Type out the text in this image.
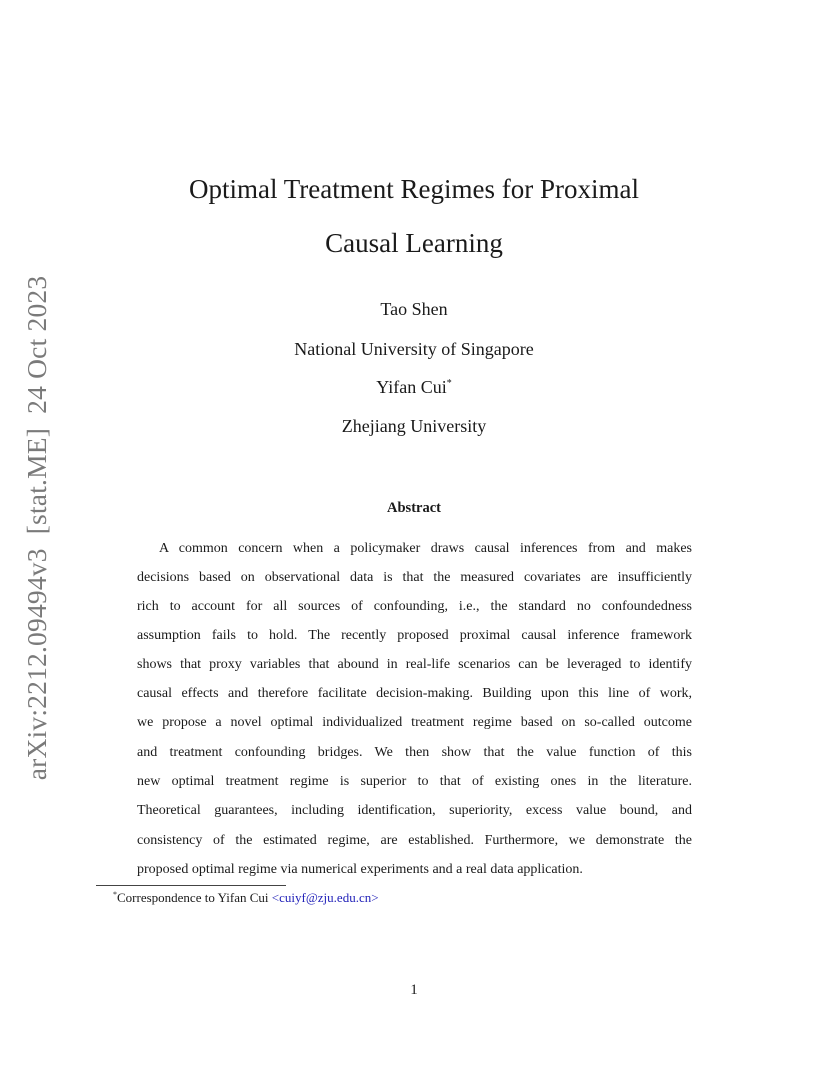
arXiv:2212.09494v3[stat.ME]24 Oct 2023
Optimal Treatment Regimes for Proximal
Causal Learning
Tao Shen
National University of Singapore
Yifan Cui*
Zhejiang University
Abstract
A common concern when a policymaker draws causal inferences from and makes
decisions based on observational data is that the measured covariates are insufficiently
rich to account for all sources of confounding, i.e., the standard no confoundedness
assumption fails to hold. The recently proposed proximal causal inference framework
shows that proxy variables that abound in real-life scenarios can be leveraged to identify
causal effects and therefore facilitate decision-making. Building upon this line of work,
we propose a novel optimal individualized treatment regime based on so-called outcome
and treatment confounding bridges. We then show that the value function of this
new optimal treatment regime is superior to that of existing ones in the literature.
Theoretical guarantees, including identification, superiority, excess value bound, and
consistency of the estimated regime, are established. Furthermore, we demonstrate the
proposed optimal regime via numerical experiments and a real data application.
*Correspondence to Yifan Cui <cuiyf@zju.edu.cn>
1
